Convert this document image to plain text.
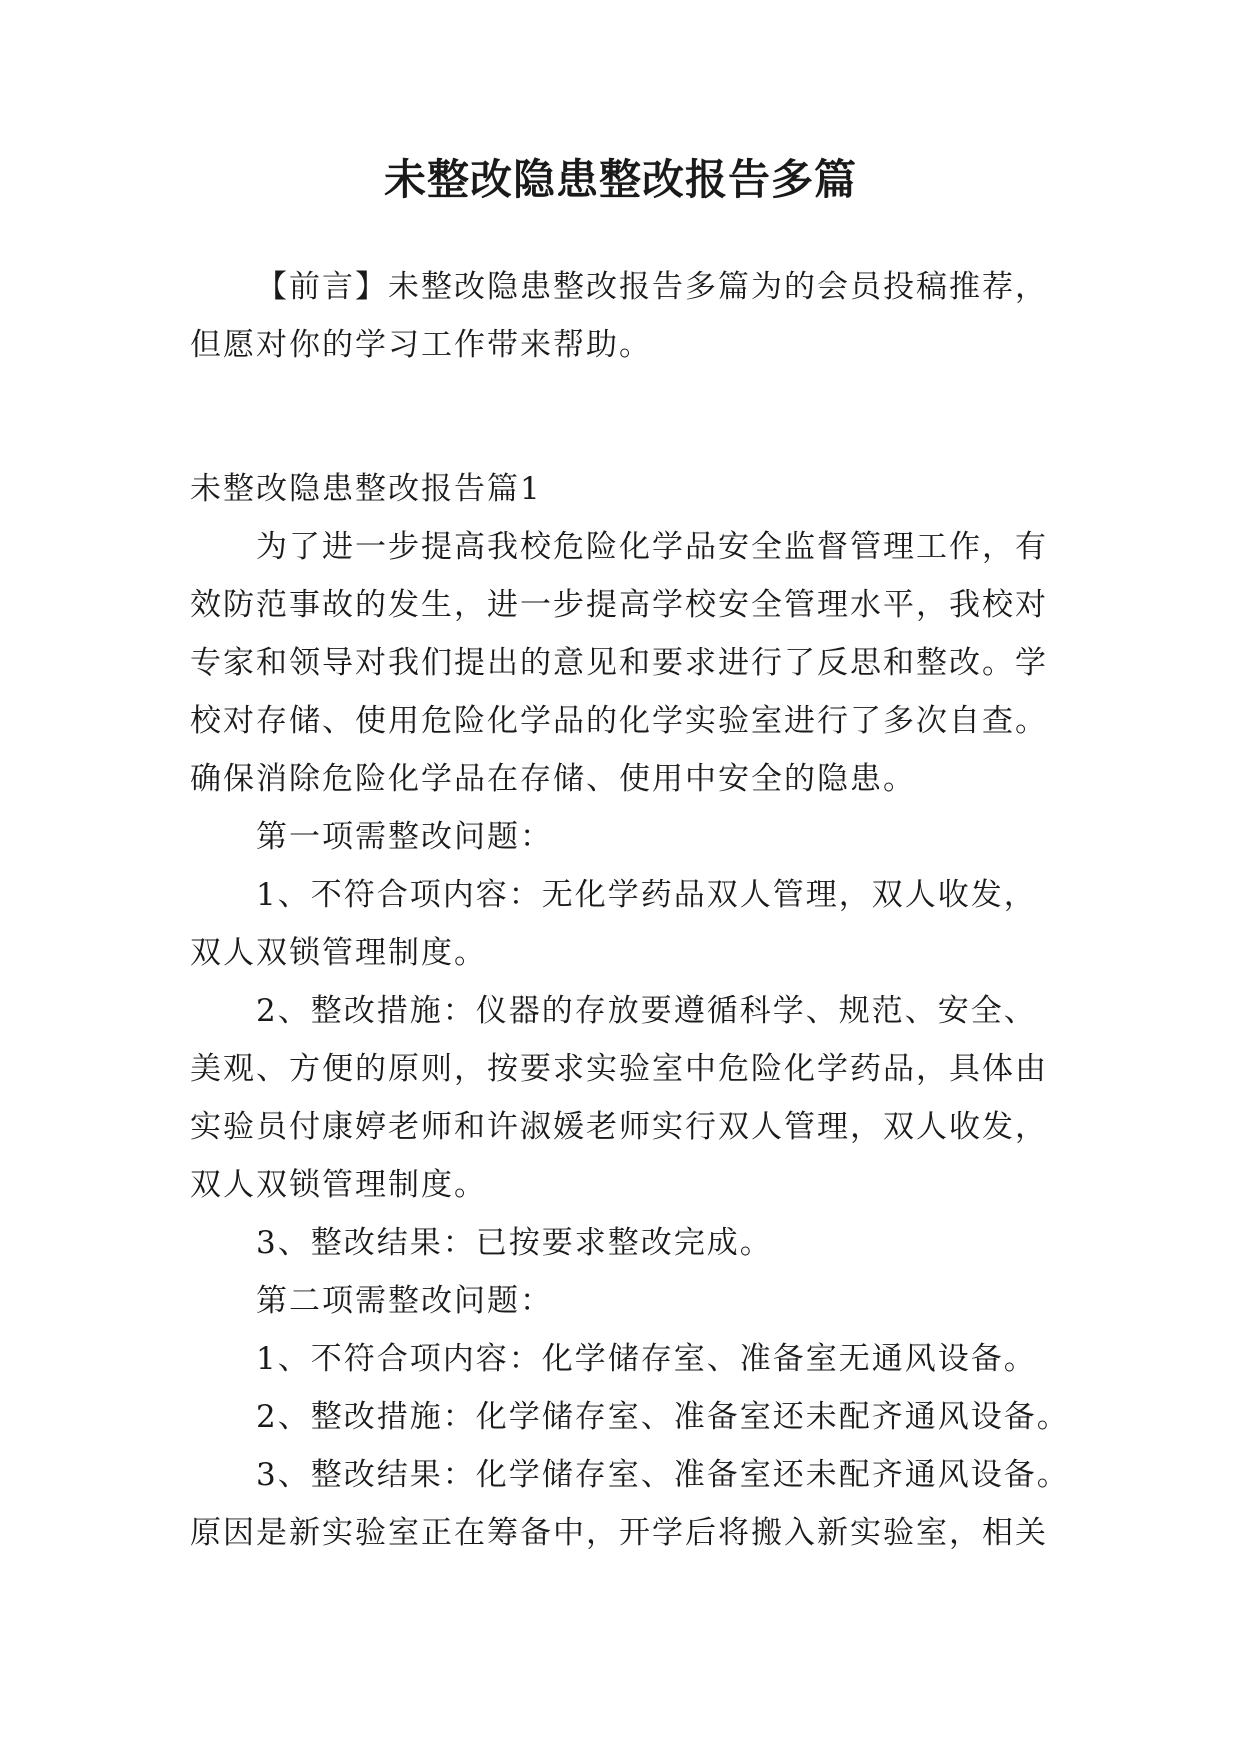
未整改隐患整改报告多篇
【前言】未整改隐患整改报告多篇为的会员投稿推荐，
但愿对你的学习工作带来帮助。
未整改隐患整改报告篇1
为了进一步提高我校危险化学品安全监督管理工作，有
效防范事故的发生，进一步提高学校安全管理水平，我校对
专家和领导对我们提出的意见和要求进行了反思和整改。学
校对存储、使用危险化学品的化学实验室进行了多次自查。
确保消除危险化学品在存储、使用中安全的隐患。
第一项需整改问题：
1、不符合项内容：无化学药品双人管理，双人收发，
双人双锁管理制度。
2、整改措施：仪器的存放要遵循科学、规范、安全、
美观、方便的原则，按要求实验室中危险化学药品，具体由
实验员付康婷老师和许淑媛老师实行双人管理，双人收发，
双人双锁管理制度。
3、整改结果：已按要求整改完成。
第二项需整改问题：
1、不符合项内容：化学储存室、准备室无通风设备。
2、整改措施：化学储存室、准备室还未配齐通风设备。
3、整改结果：化学储存室、准备室还未配齐通风设备。
原因是新实验室正在筹备中，开学后将搬入新实验室，相关
